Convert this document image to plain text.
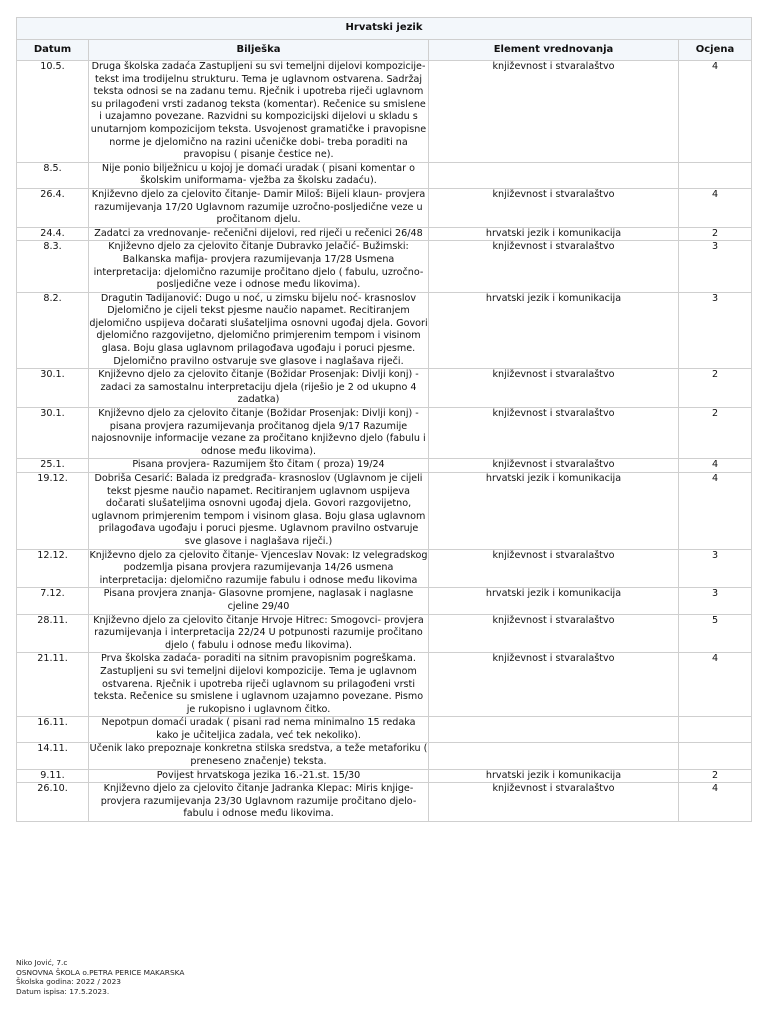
Hrvatski jezik			
Datum	Bilješka	Element vrednovanja	Ocjena
10.5.	Druga školska zadaća Zastupljeni su svi temeljni dijelovi kompozicije- tekst ima trodijelnu strukturu. Tema je uglavnom ostvarena. Sadržaj teksta odnosi se na zadanu temu. Rječnik i upotreba riječi uglavnom su prilagođeni vrsti zadanog teksta (komentar). Rečenice su smislene i uzajamno povezane. Razvidni su kompozicijski dijelovi u skladu s unutarnjom kompozicijom teksta. Usvojenost gramatičke i pravopisne norme je djelomično na razini učeničke dobi- treba poraditi na pravopisu ( pisanje čestice ne).	književnost i stvaralaštvo	4
8.5.	Nije ponio bilježnicu u kojoj je domaći uradak ( pisani komentar o školskim uniformama- vježba za školsku zadaću).		
26.4.	Književno djelo za cjelovito čitanje- Damir Miloš: Bijeli klaun- provjera razumijevanja 17/20 Uglavnom razumije uzročno-posljedične veze u pročitanom djelu.	književnost i stvaralaštvo	4
24.4.	Zadatci za vrednovanje- rečenični dijelovi, red riječi u rečenici 26/48	hrvatski jezik i komunikacija	2
8.3.	Književno djelo za cjelovito čitanje Dubravko Jelačić- Bužimski: Balkanska mafija- provjera razumijevanja 17/28 Usmena interpretacija: djelomično razumije pročitano djelo ( fabulu, uzročno-posljedične veze i odnose među likovima).	književnost i stvaralaštvo	3
8.2.	Dragutin Tadijanović: Dugo u noć, u zimsku bijelu noć- krasnoslov Djelomično je cijeli tekst pjesme naučio napamet. Recitiranjem djelomično uspijeva dočarati slušateljima osnovni ugođaj djela. Govori djelomično razgovijetno, djelomično primjerenim tempom i visinom glasa. Boju glasa uglavnom prilagođava ugođaju i poruci pjesme. Djelomično pravilno ostvaruje sve glasove i naglašava riječi.	hrvatski jezik i komunikacija	3
30.1.	Književno djelo za cjelovito čitanje (Božidar Prosenjak: Divlji konj) - zadaci za samostalnu interpretaciju djela (riješio je 2 od ukupno 4 zadatka)	književnost i stvaralaštvo	2
30.1.	Književno djelo za cjelovito čitanje (Božidar Prosenjak: Divlji konj) - pisana provjera razumijevanja pročitanog djela 9/17 Razumije najosnovnije informacije vezane za pročitano književno djelo (fabulu i odnose među likovima).	književnost i stvaralaštvo	2
25.1.	Pisana provjera- Razumijem što čitam ( proza) 19/24	književnost i stvaralaštvo	4
19.12.	Dobriša Cesarić: Balada iz predgrađa- krasnoslov (Uglavnom je cijeli tekst pjesme naučio napamet. Recitiranjem uglavnom uspijeva dočarati slušateljima osnovni ugođaj djela. Govori razgovijetno, uglavnom primjerenim tempom i visinom glasa. Boju glasa uglavnom prilagođava ugođaju i poruci pjesme. Uglavnom pravilno ostvaruje sve glasove i naglašava riječi.)	hrvatski jezik i komunikacija	4
12.12.	Književno djelo za cjelovito čitanje- Vjenceslav Novak: Iz velegradskog podzemlja pisana provjera razumijevanja 14/26 usmena interpretacija: djelomično razumije fabulu i odnose među likovima	književnost i stvaralaštvo	3
7.12.	Pisana provjera znanja- Glasovne promjene, naglasak i naglasne cjeline 29/40	hrvatski jezik i komunikacija	3
28.11.	Književno djelo za cjelovito čitanje Hrvoje Hitrec: Smogovci- provjera razumijevanja i interpretacija 22/24 U potpunosti razumije pročitano djelo ( fabulu i odnose među likovima).	književnost i stvaralaštvo	5
21.11.	Prva školska zadaća- poraditi na sitnim pravopisnim pogreškama. Zastupljeni su svi temeljni dijelovi kompozicije. Tema je uglavnom ostvarena. Rječnik i upotreba riječi uglavnom su prilagođeni vrsti teksta. Rečenice su smislene i uglavnom uzajamno povezane. Pismo je rukopisno i uglavnom čitko.	književnost i stvaralaštvo	4
16.11.	Nepotpun domaći uradak ( pisani rad nema minimalno 15 redaka kako je učiteljica zadala, već tek nekoliko).		
14.11.	Učenik lako prepoznaje konkretna stilska sredstva, a teže metaforiku ( preneseno značenje) teksta.		
9.11.	Povijest hrvatskoga jezika 16.-21.st. 15/30	hrvatski jezik i komunikacija	2
26.10.	Književno djelo za cjelovito čitanje Jadranka Klepac: Miris knjige- provjera razumijevanja 23/30 Uglavnom razumije pročitano djelo- fabulu i odnose među likovima.	književnost i stvaralaštvo	4
Niko Jović, 7.c
OSNOVNA ŠKOLA o.PETRA PERICE MAKARSKA
Školska godina: 2022 / 2023
Datum ispisa: 17.5.2023.
